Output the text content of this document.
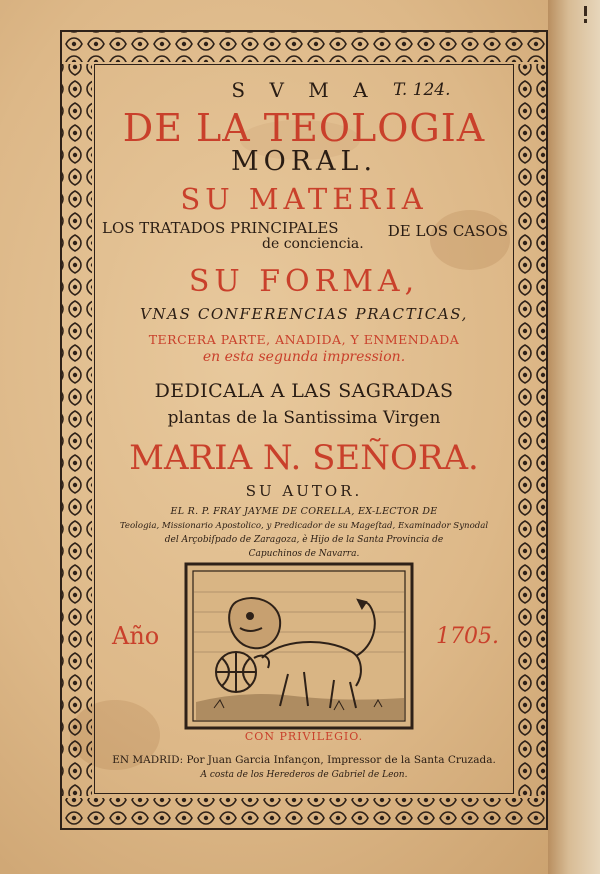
T. 124.
S V M A
DE LA TEOLOGIA
MORAL.
SU MATERIA
LOS TRATADOS PRINCIPALES	DE LOS CASOS
de conciencia.
SU FORMA,
VNAS CONFERENCIAS PRACTICAS,
TERCERA PARTE, ANADIDA, Y ENMENDADA
en esta segunda impression.
DEDICALA A LAS SAGRADAS
plantas de la Santissima Virgen
MARIA N. SEÑORA.
SU AUTOR.
EL R. P. FRAY JAYME DE CORELLA, EX-LECTOR DE
Teologia, Missionario Apostolico, y Predicador de su Mageſtad, Examinador Synodal
del Arçobiſpado de Zaragoza, è Hijo de la Santa Provincia de
Capuchinos de Navarra.
CON PRIVILEGIO.
EN MADRID: Por Juan Garcia Infançon, Impressor de la Santa Cruzada.
A costa de los Herederos de Gabriel de Leon.
Año	1705.
